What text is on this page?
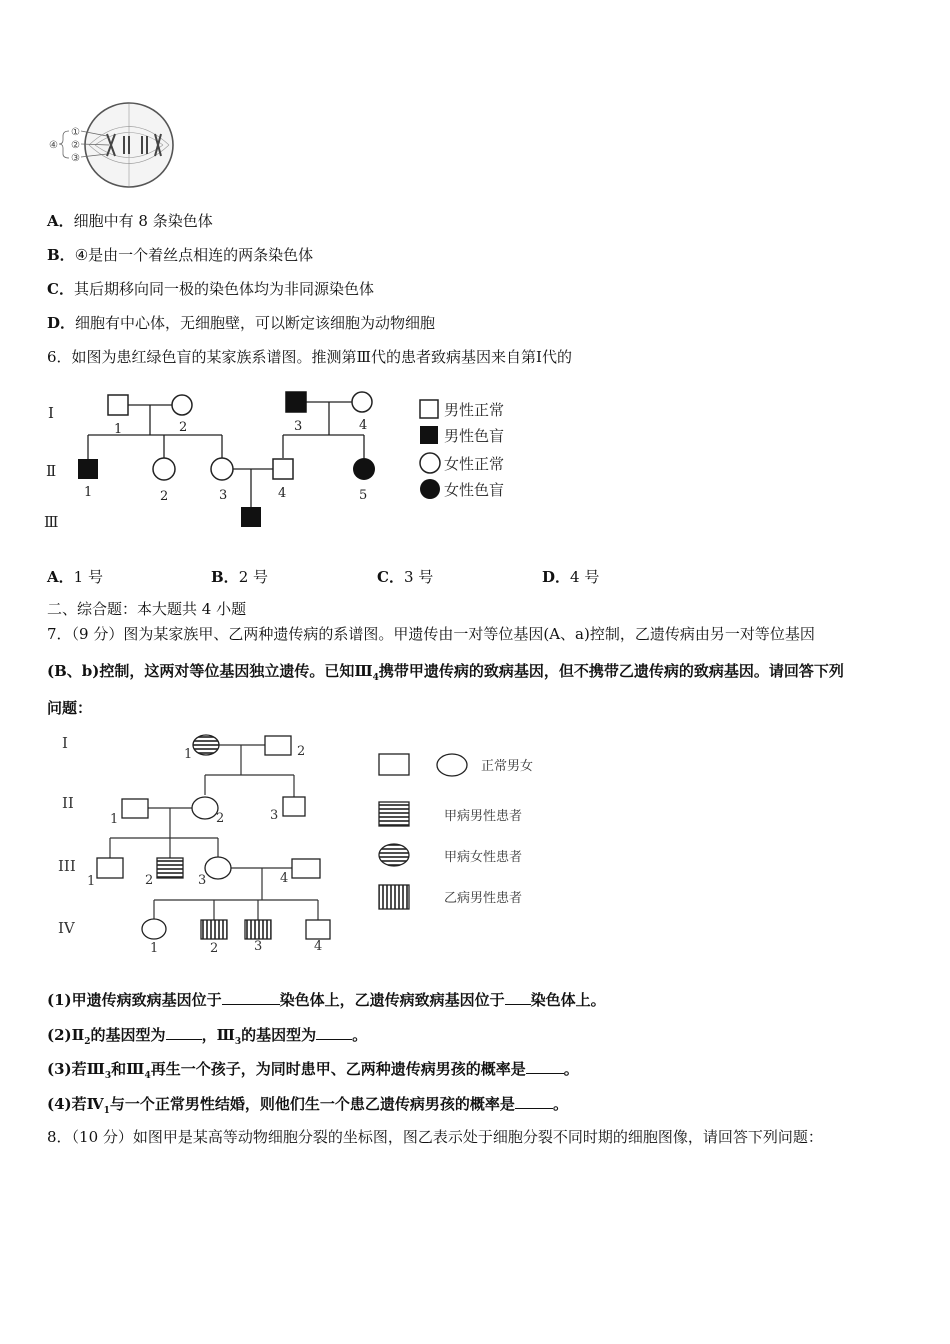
①
②
③
④
A．细胞中有 8 条染色体
B．④是由一个着丝点相连的两条染色体
C．其后期移向同一极的染色体均为非同源染色体
D．细胞有中心体，无细胞壁，可以断定该细胞为动物细胞
6．如图为患红绿色盲的某家族系谱图。推测第Ⅲ代的患者致病基因来自第Ⅰ代的
Ⅰ
Ⅱ
Ⅲ
1	2	3	4
1	2	3	4	5
男性正常
男性色盲
女性正常
女性色盲
A．1 号	B．2 号	C．3 号	D．4 号
二、综合题：本大题共 4 小题
7．（9 分）图为某家族甲、乙两种遗传病的系谱图。甲遗传由一对等位基因(A、a)控制，乙遗传病由另一对等位基因
(B、b)控制，这两对等位基因独立遗传。已知$Ⅲ_4$携带甲遗传病的致病基因，但不携带乙遗传病的致病基因。请回答下列
问题：
I
II
III
IV
1	2
1	2	3
1	2	3	4
1	2	3	4
正常男女
甲病男性患者
甲病女性患者
乙病男性患者
(1)甲遗传病致病基因位于	染色体上，乙遗传病致病基因位于 染色体上。
$(2)Ⅱ_2$的基因型为 ，$Ⅲ_3$的基因型为 。
(3)若$Ⅲ_3$和$Ⅲ_4$再生一个孩子，为同时患甲、乙两种遗传病男孩的概率是	。
(4)若$Ⅳ_1$与一个正常男性结婚，则他们生一个患乙遗传病男孩的概率是	。
8．（10 分）如图甲是某高等动物细胞分裂的坐标图，图乙表示处于细胞分裂不同时期的细胞图像，请回答下列问题：
